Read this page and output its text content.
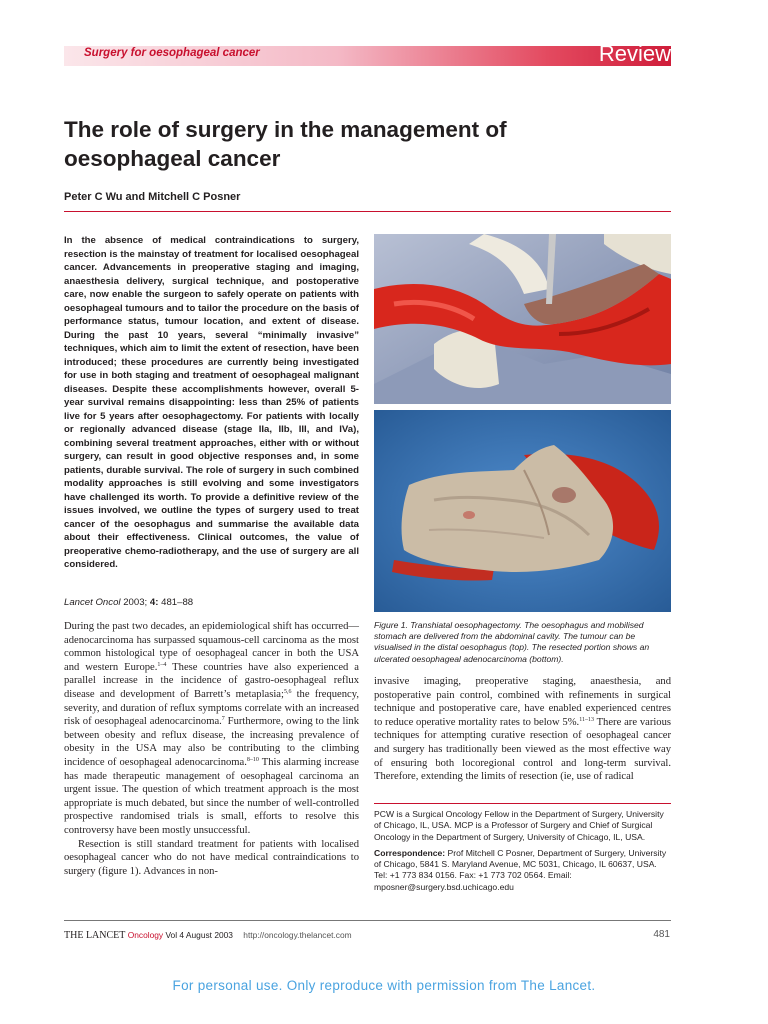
Surgery for oesophageal cancer	Review
The role of surgery in the management of oesophageal cancer
Peter C Wu and Mitchell C Posner

In the absence of medical contraindications to surgery, resection is the mainstay of treatment for localised oesophageal cancer. Advancements in preoperative staging and imaging, anaesthesia delivery, surgical technique, and postoperative care, now enable the surgeon to safely operate on patients with oesophageal tumours and to tailor the procedure on the basis of performance status, tumour location, and extent of disease. During the past 10 years, several “minimally invasive” techniques, which aim to limit the extent of resection, have been introduced; these procedures are currently being investigated for use in both staging and treatment of oesophageal malignant diseases. Despite these accomplishments however, overall 5-year survival remains disappointing: less than 25% of patients live for 5 years after oesophagectomy. For patients with locally or regionally advanced disease (stage IIa, IIb, III, and IVa), combining several treatment approaches, either with or without surgery, can result in good objective responses and, in some patients, durable survival. The role of surgery in such combined modality approaches is still evolving and some investigators have challenged its worth. To provide a definitive review of the issues involved, we outline the types of surgery used to treat cancer of the oesophagus and summarise the available data about their effectiveness. Clinical outcomes, the value of preoperative chemo-radiotherapy, and the use of surgery are all considered.

Lancet Oncol 2003; 4: 481–88

During the past two decades, an epidemiological shift has occurred—adenocarcinoma has surpassed squamous-cell carcinoma as the most common histological type of oesophageal cancer in both the USA and western Europe.$^{1-4}$ These countries have also experienced a parallel increase in the incidence of gastro-oesophageal reflux disease and development of Barrett’s metaplasia;$^{5,6}$ the frequency, severity, and duration of reflux symptoms correlate with an increased risk of oesophageal adenocarcinoma.$^7$ Furthermore, owing to the link between obesity and reflux disease, the increasing prevalence of obesity in the USA may also be contributing to the climbing incidence of oesophageal adenocarcinoma.$^{8-10}$ This alarming increase has made therapeutic management of oesophageal carcinoma an urgent issue. The question of which treatment approach is the most appropriate is much debated, but since the number of well-controlled prospective randomised trials is small, efforts to resolve this controversy have been mostly unsuccessful.

Resection is still standard treatment for patients with localised oesophageal cancer who do not have medical contraindications to surgery (figure 1). Advances in non-

Figure 1. Transhiatal oesophagectomy. The oesophagus and mobilised stomach are delivered from the abdominal cavity. The tumour can be visualised in the distal oesophagus (top). The resected portion shows an ulcerated oesophageal adenocarcinoma (bottom).

invasive imaging, preoperative staging, anaesthesia, and postoperative pain control, combined with refinements in surgical technique and postoperative care, have enabled experienced centres to reduce operative mortality rates to below 5%.$^{11-13}$ There are various techniques for attempting curative resection of oesophageal cancer and surgery has traditionally been viewed as the most effective way of ensuring both locoregional control and long-term survival. Therefore, extending the limits of resection (ie, use of radical

PCW is a Surgical Oncology Fellow in the Department of Surgery, University of Chicago, IL, USA. MCP is a Professor of Surgery and Chief of Surgical Oncology in the Department of Surgery, University of Chicago, IL, USA.

Correspondence: Prof Mitchell C Posner, Department of Surgery, University of Chicago, 5841 S. Maryland Avenue, MC 5031, Chicago, IL 60637, USA. Tel: +1 773 834 0156. Fax: +1 773 702 0564. Email: mposner@surgery.bsd.uchicago.edu

THE LANCET Oncology Vol 4 August 2003 http://oncology.thelancet.com	481
For personal use. Only reproduce with permission from The Lancet.
